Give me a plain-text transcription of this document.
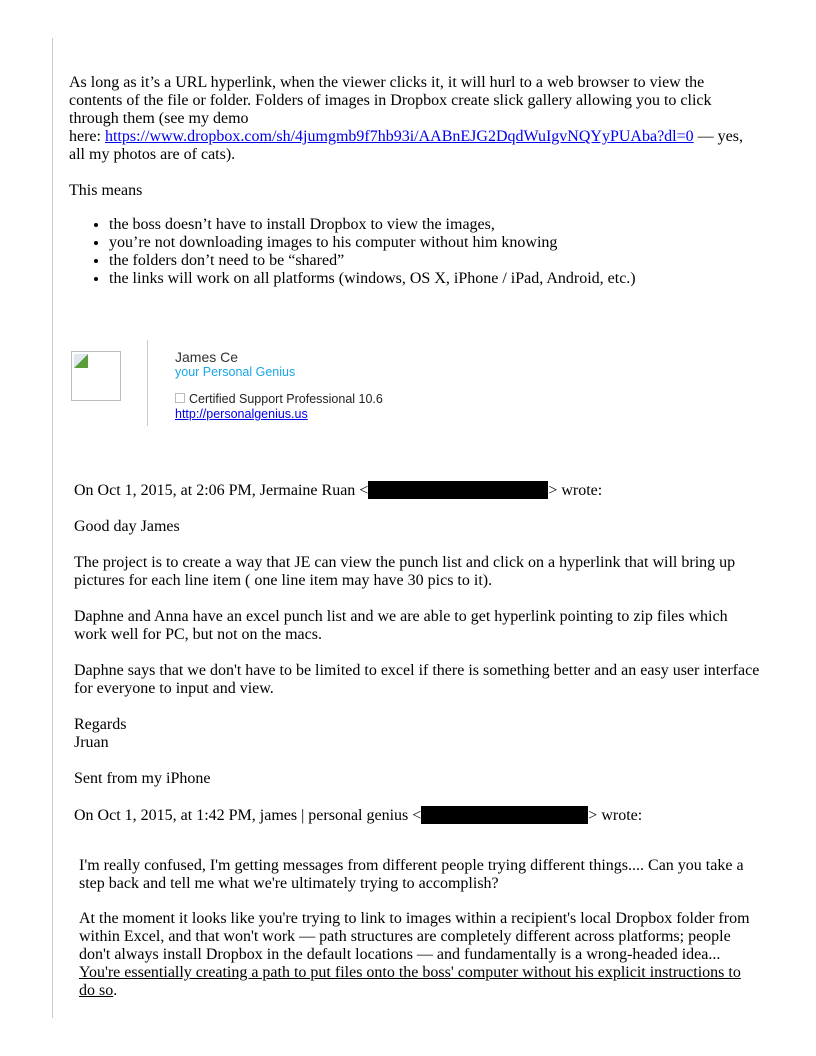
As long as it’s a URL hyperlink, when the viewer clicks it, it will hurl to a web browser to view the contents of the file or folder. Folders of images in Dropbox create slick gallery allowing you to click through them (see my demo
here: https://www.dropbox.com/sh/4jumgmb9f7hb93i/AABnEJG2DqdWuIgvNQYyPUAba?dl=0 — yes, all my photos are of cats).

This means

• the boss doesn’t have to install Dropbox to view the images,
• you’re not downloading images to his computer without him knowing
• the folders don’t need to be “shared”
• the links will work on all platforms (windows, OS X, iPhone / iPad, Android, etc.)
James Ce
your Personal Genius
Certified Support Professional 10.6
http://personalgenius.us

On Oct 1, 2015, at 2:06 PM, Jermaine Ruan <	> wrote:

Good day James

The project is to create a way that JE can view the punch list and click on a hyperlink that will bring up pictures for each line item ( one line item may have 30 pics to it).

Daphne and Anna have an excel punch list and we are able to get hyperlink pointing to zip files which work well for PC, but not on the macs.

Daphne says that we don't have to be limited to excel if there is something better and an easy user interface for everyone to input and view.

Regards
Jruan

Sent from my iPhone

On Oct 1, 2015, at 1:42 PM, james | personal genius <	> wrote:

I'm really confused, I'm getting messages from different people trying different things.... Can you take a step back and tell me what we're ultimately trying to accomplish?

At the moment it looks like you're trying to link to images within a recipient's local Dropbox folder from within Excel, and that won't work — path structures are completely different across platforms; people don't always install Dropbox in the default locations — and fundamentally is a wrong-headed idea... You're essentially creating a path to put files onto the boss' computer without his explicit instructions to do so.
